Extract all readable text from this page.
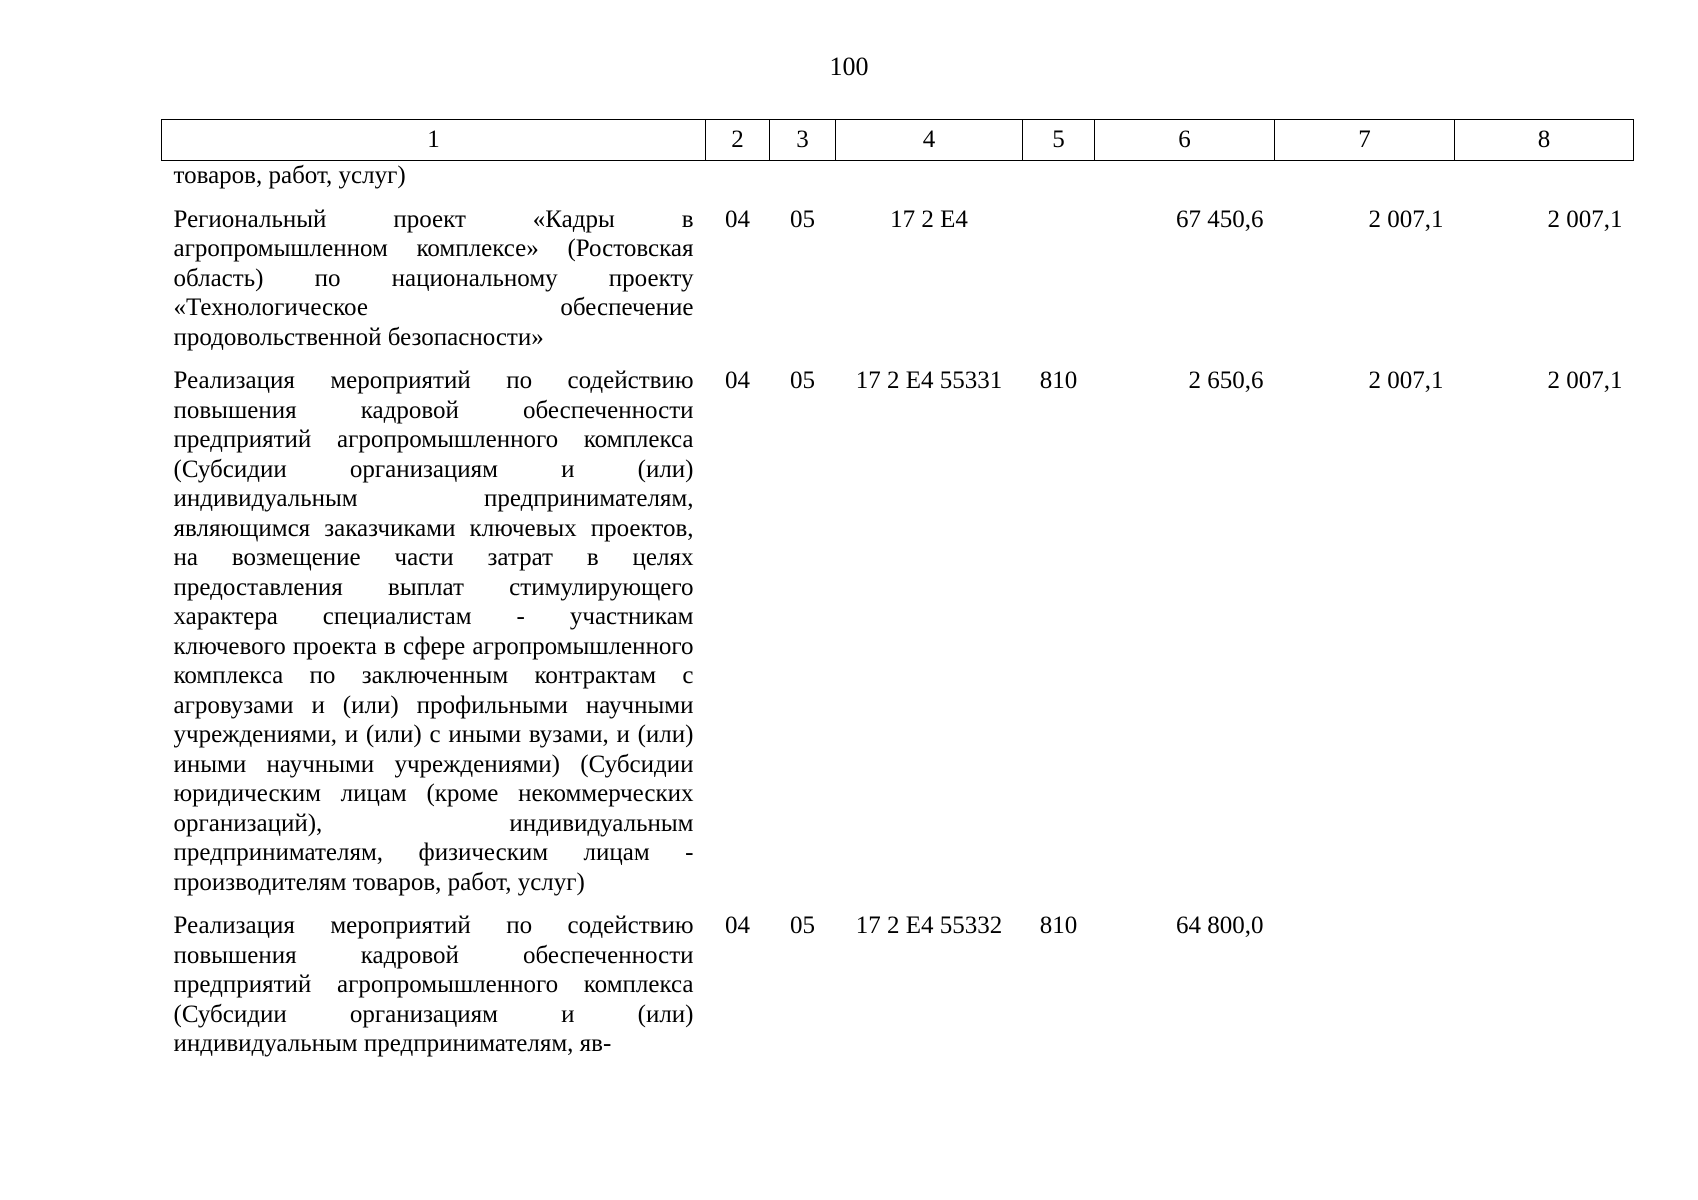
100
1	2	3	4	5	6	7	8
товаров, работ, услуг)							
Региональный проект «Кадры в агропромышленном комплексе» (Ростовская область) по национальному проекту «Технологическое обеспечение продовольственной безопасности»	04	05	17 2 Е4		67 450,6	2 007,1	2 007,1
Реализация мероприятий по содействию повышения кадровой обеспеченности предприятий агропромышленного комплекса (Субсидии организациям и (или) индивидуальным предпринимателям, являющимся заказчиками ключевых проектов, на возмещение части затрат в целях предоставления выплат стимулирующего характера специалистам - участникам ключевого проекта в сфере агропромышленного комплекса по заключенным контрактам с агровузами и (или) профильными научными учреждениями, и (или) с иными вузами, и (или) иными научными учреждениями) (Субсидии юридическим лицам (кроме некоммерческих организаций), индивидуальным предпринимателям, физическим лицам - производителям товаров, работ, услуг)	04	05	17 2 Е4 55331	810	2 650,6	2 007,1	2 007,1
Реализация мероприятий по содействию повышения кадровой обеспеченности предприятий агропромышленного комплекса (Субсидии организациям и (или) индивидуальным предпринимателям, яв-	04	05	17 2 Е4 55332	810	64 800,0		
